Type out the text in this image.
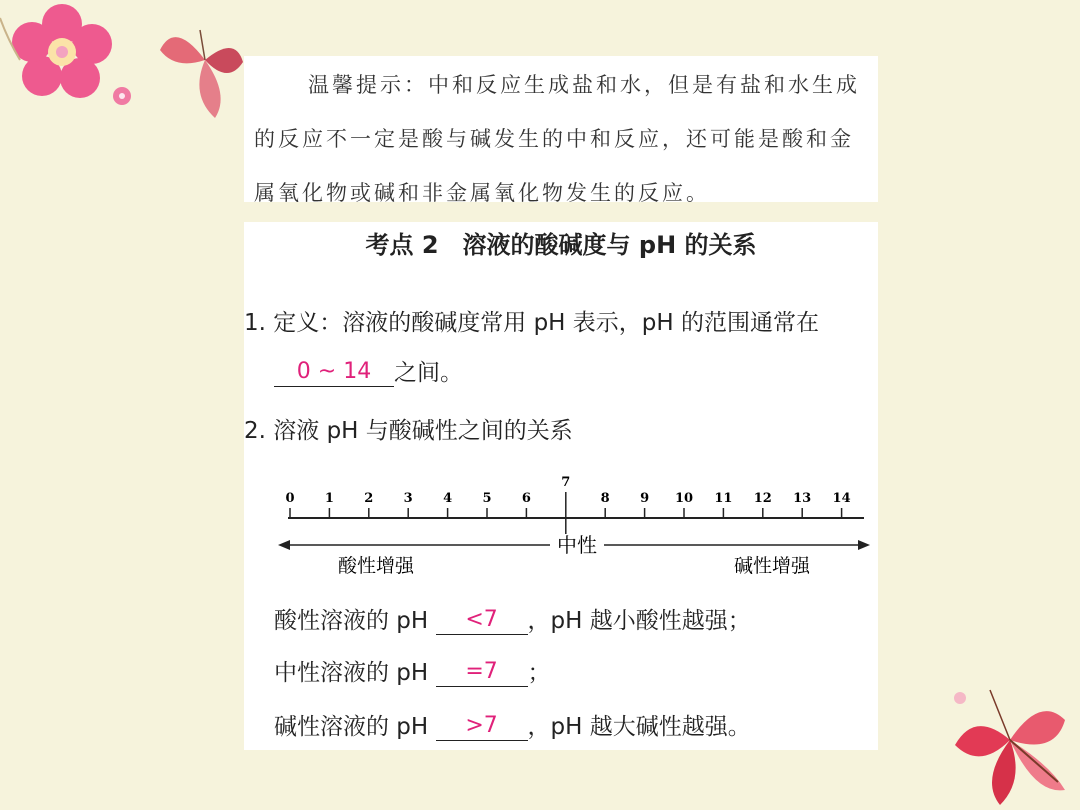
温馨提示：中和反应生成盐和水，但是有盐和水生成的反应不一定是酸与碱发生的中和反应，还可能是酸和金属氧化物或碱和非金属氧化物发生的反应。

考点 2　溶液的酸碱度与 pH 的关系
1. 定义：溶液的酸碱度常用 pH 表示，pH 的范围通常在
0 ~ 14 之间。
2. 溶液 pH 与酸碱性之间的关系
0 1 2 3 4 5 6
7
8 9 10 11 12 13 14
中性
酸性增强	碱性增强
酸性溶液的 pH <7 ，pH 越小酸性越强；
中性溶液的 pH =7 ；
碱性溶液的 pH >7 ，pH 越大碱性越强。
